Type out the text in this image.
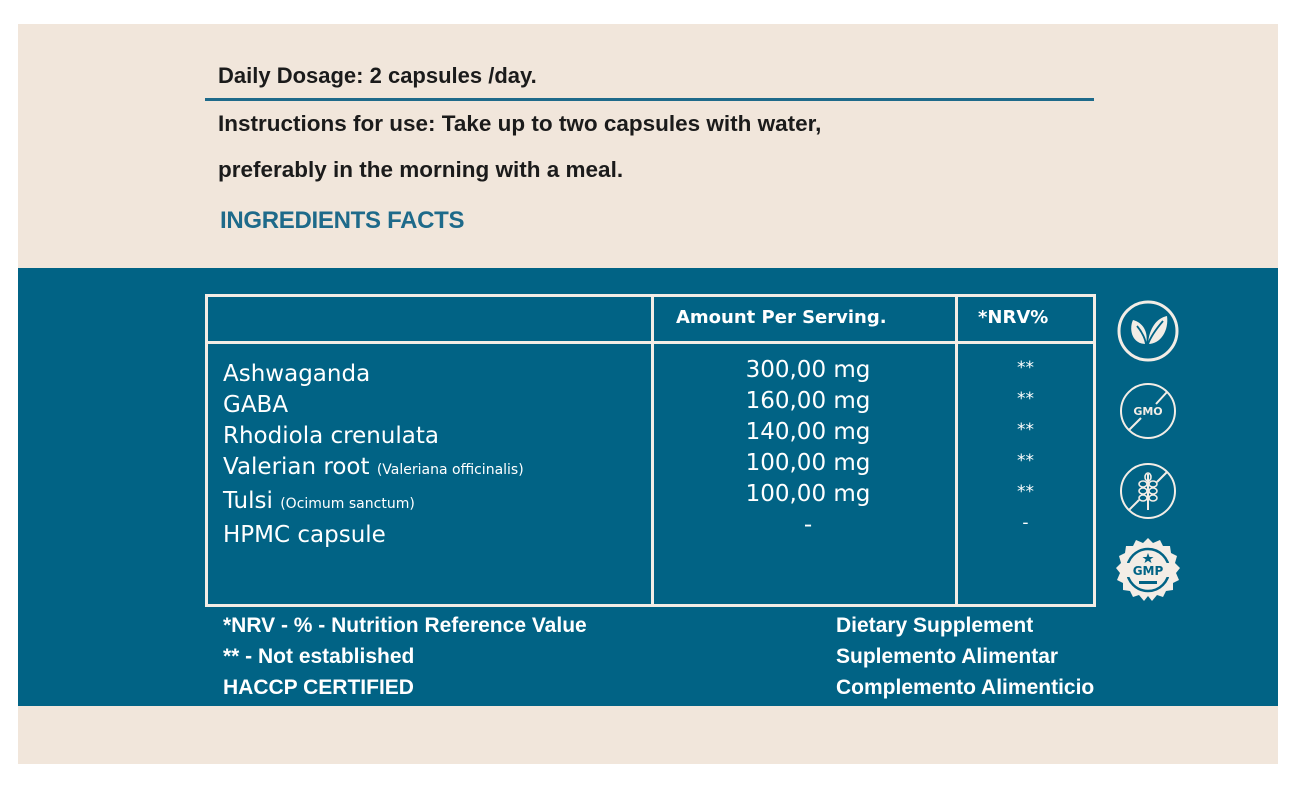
Daily Dosage: 2 capsules /day.
Instructions for use: Take up to two capsules with water,
preferably in the morning with a meal.
INGREDIENTS FACTS
Amount Per Serving.	*NRV%
Ashwaganda
GABA
Rhodiola crenulata
Valerian root (Valeriana officinalis)
Tulsi (Ocimum sanctum)
HPMC capsule
300,00 mg
160,00 mg
140,00 mg
100,00 mg
100,00 mg
-
**
**
**
**
**
-
GMO
GMP
*NRV - % - Nutrition Reference Value
** - Not established
HACCP CERTIFIED
Dietary Supplement
Suplemento Alimentar
Complemento Alimenticio
